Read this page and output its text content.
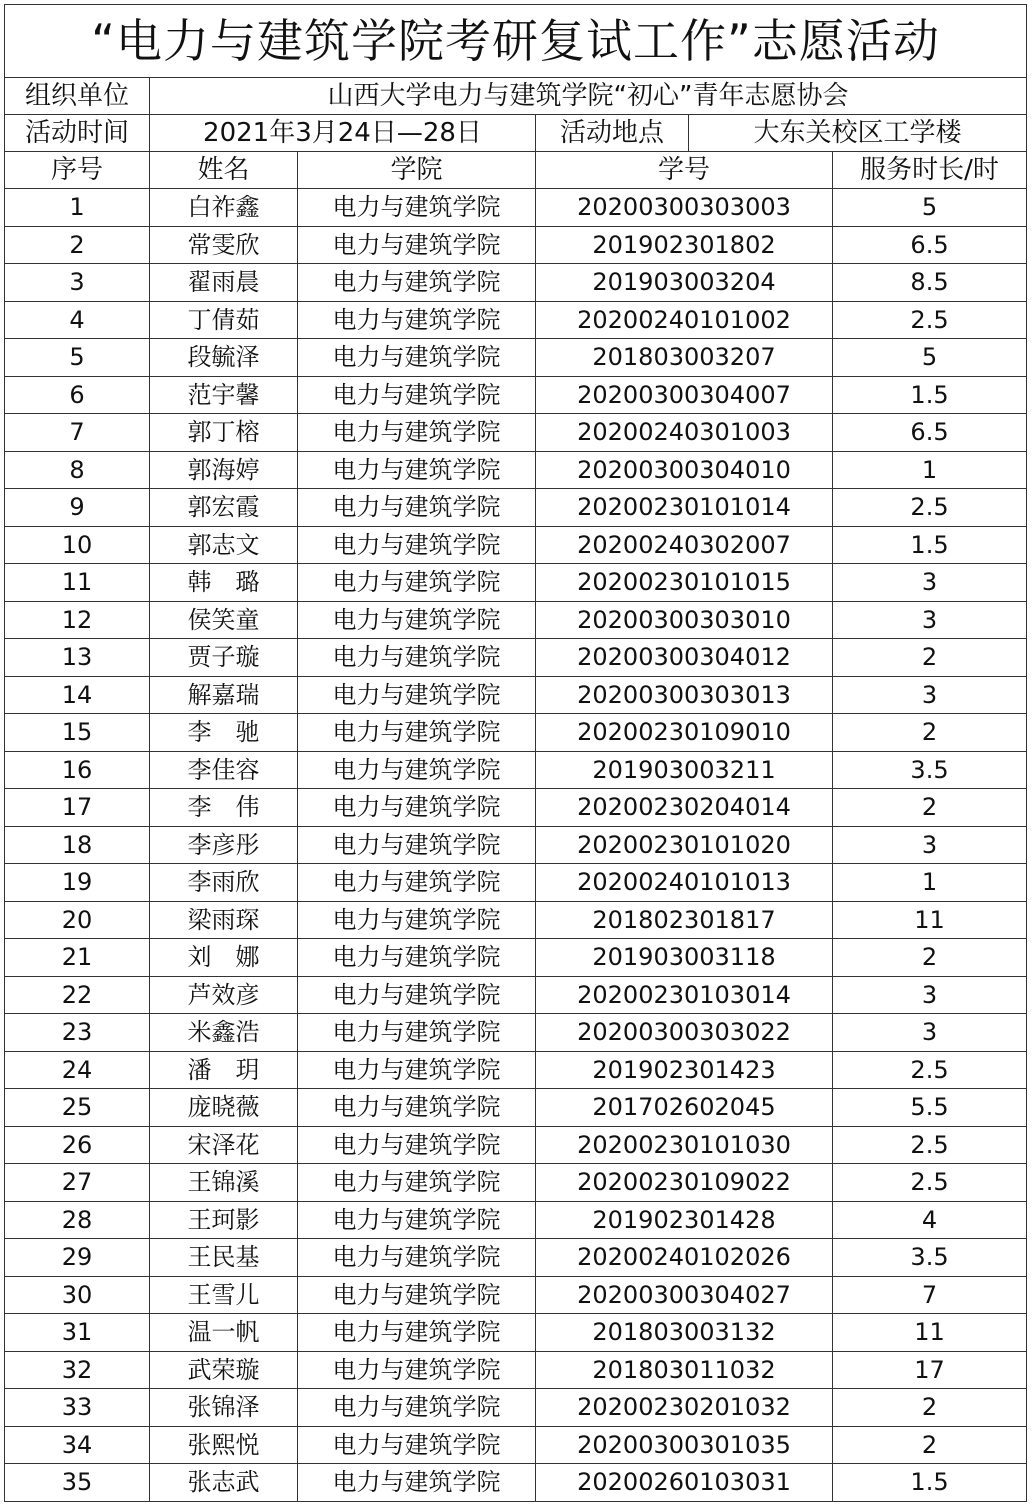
“电力与建筑学院考研复试工作”志愿活动					
组织单位	山西大学电力与建筑学院“初心”青年志愿协会				
活动时间	2021年3月24日—28日		活动地点	大东关校区工学楼	
序号	姓名	学院	学号		服务时长/时
1	白祚鑫	电力与建筑学院	20200300303003		5
2	常雯欣	电力与建筑学院	201902301802		6.5
3	翟雨晨	电力与建筑学院	201903003204		8.5
4	丁倩茹	电力与建筑学院	20200240101002		2.5
5	段毓泽	电力与建筑学院	201803003207		5
6	范宇馨	电力与建筑学院	20200300304007		1.5
7	郭丁榕	电力与建筑学院	20200240301003		6.5
8	郭海婷	电力与建筑学院	20200300304010		1
9	郭宏霞	电力与建筑学院	20200230101014		2.5
10	郭志文	电力与建筑学院	20200240302007		1.5
11	韩　璐	电力与建筑学院	20200230101015		3
12	侯笑童	电力与建筑学院	20200300303010		3
13	贾子璇	电力与建筑学院	20200300304012		2
14	解嘉瑞	电力与建筑学院	20200300303013		3
15	李　驰	电力与建筑学院	20200230109010		2
16	李佳容	电力与建筑学院	201903003211		3.5
17	李　伟	电力与建筑学院	20200230204014		2
18	李彦彤	电力与建筑学院	20200230101020		3
19	李雨欣	电力与建筑学院	20200240101013		1
20	梁雨琛	电力与建筑学院	201802301817		11
21	刘　娜	电力与建筑学院	201903003118		2
22	芦效彦	电力与建筑学院	20200230103014		3
23	米鑫浩	电力与建筑学院	20200300303022		3
24	潘　玥	电力与建筑学院	201902301423		2.5
25	庞晓薇	电力与建筑学院	201702602045		5.5
26	宋泽花	电力与建筑学院	20200230101030		2.5
27	王锦溪	电力与建筑学院	20200230109022		2.5
28	王珂影	电力与建筑学院	201902301428		4
29	王民基	电力与建筑学院	20200240102026		3.5
30	王雪儿	电力与建筑学院	20200300304027		7
31	温一帆	电力与建筑学院	201803003132		11
32	武荣璇	电力与建筑学院	201803011032		17
33	张锦泽	电力与建筑学院	20200230201032		2
34	张熙悦	电力与建筑学院	20200300301035		2
35	张志武	电力与建筑学院	20200260103031		1.5
